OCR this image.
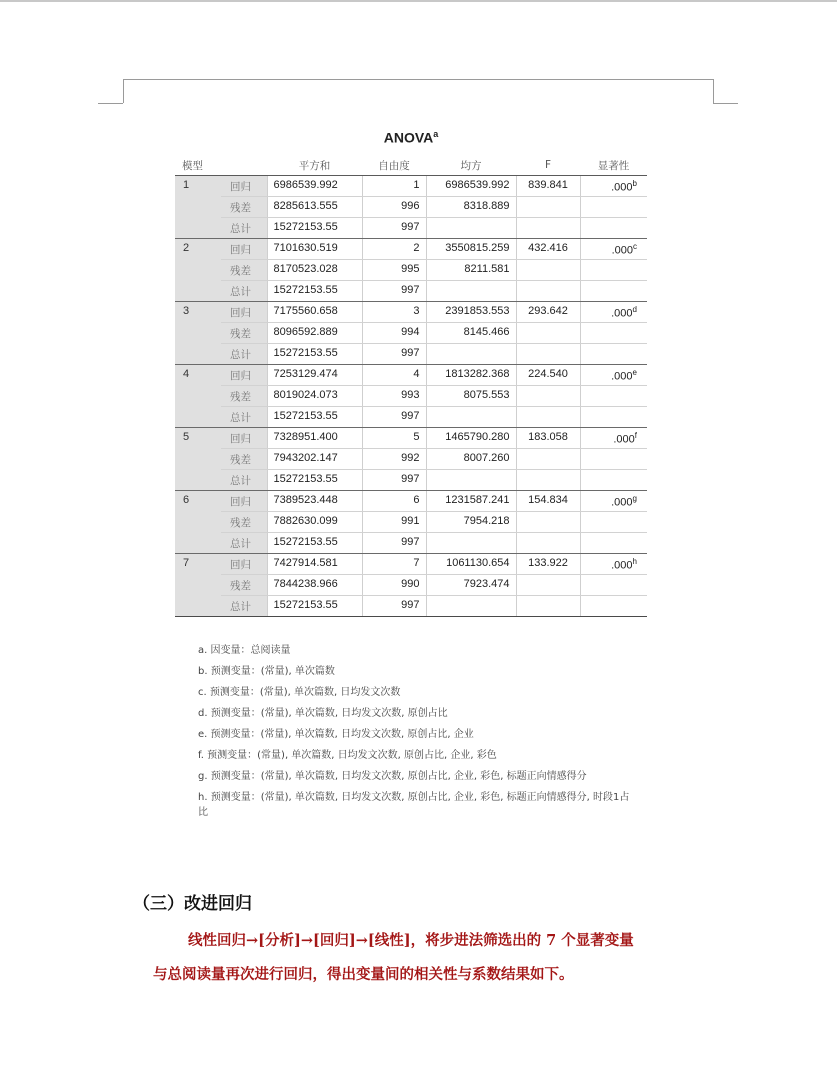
ANOVA$^a$
模型		平方和	自由度	均方	F	显著性
1	回归	6986539.992	1	6986539.992	839.841	.000$^b$
	残差	8285613.555	996	8318.889		
	总计	15272153.55	997			
2	回归	7101630.519	2	3550815.259	432.416	.000$^c$
	残差	8170523.028	995	8211.581		
	总计	15272153.55	997			
3	回归	7175560.658	3	2391853.553	293.642	.000$^d$
	残差	8096592.889	994	8145.466		
	总计	15272153.55	997			
4	回归	7253129.474	4	1813282.368	224.540	.000e
	残差	8019024.073	993	8075.553		
	总计	15272153.55	997			
5	回归	7328951.400	5	1465790.280	183.058	.000$^f$
	残差	7943202.147	992	8007.260		
	总计	15272153.55	997			
6	回归	7389523.448	6	1231587.241	154.834	.000$^g$
	残差	7882630.099	991	7954.218		
	总计	15272153.55	997			
7	回归	7427914.581	7	1061130.654	133.922	.000$^h$
	残差	7844238.966	990	7923.474		
	总计	15272153.55	997			
a. 因变量：总阅读量
b. 预测变量：(常量), 单次篇数
c. 预测变量：(常量), 单次篇数, 日均发文次数
d. 预测变量：(常量), 单次篇数, 日均发文次数, 原创占比
e. 预测变量：(常量), 单次篇数, 日均发文次数, 原创占比, 企业
f. 预测变量：(常量), 单次篇数, 日均发文次数, 原创占比, 企业, 彩色
g. 预测变量：(常量), 单次篇数, 日均发文次数, 原创占比, 企业, 彩色, 标题正向情感得分
h. 预测变量：(常量), 单次篇数, 日均发文次数, 原创占比, 企业, 彩色, 标题正向情感得分, 时段1占比
（三）改进回归
线性回归→[分析]→[回归]→[线性]，将步进法筛选出的 7 个显著变量
与总阅读量再次进行回归，得出变量间的相关性与系数结果如下。
